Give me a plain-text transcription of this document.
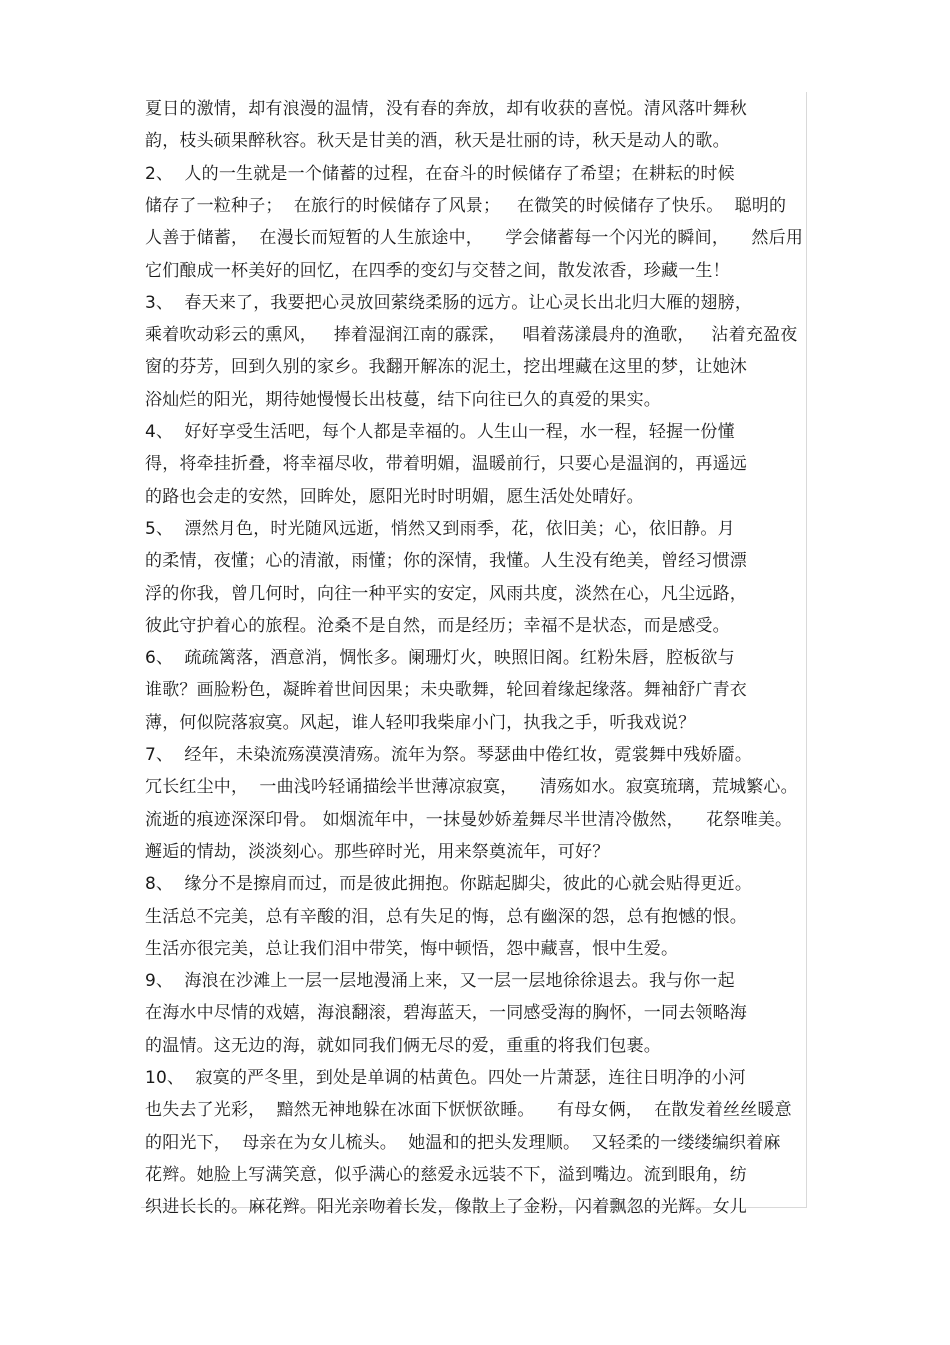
夏日的激情，却有浪漫的温情，没有春的奔放，却有收获的喜悦。清风落叶舞秋
韵，枝头硕果醉秋容。秋天是甘美的酒，秋天是壮丽的诗，秋天是动人的歌。
2、  人的一生就是一个储蓄的过程，在奋斗的时候储存了希望；在耕耘的时候
储存了一粒种子；  在旅行的时候储存了风景；   在微笑的时候储存了快乐。  聪明的
人善于储蓄，  在漫长而短暂的人生旅途中，    学会储蓄每一个闪光的瞬间，    然后用
它们酿成一杯美好的回忆，在四季的变幻与交替之间，散发浓香，珍藏一生！
3、  春天来了，我要把心灵放回萦绕柔肠的远方。让心灵长出北归大雁的翅膀，
乘着吹动彩云的熏风，   捧着湿润江南的霡霂，   唱着荡漾晨舟的渔歌，   沾着充盈夜
窗的芬芳，回到久别的家乡。我翻开解冻的泥土，挖出埋藏在这里的梦，让她沐
浴灿烂的阳光，期待她慢慢长出枝蔓，结下向往已久的真爱的果实。
4、  好好享受生活吧，每个人都是幸福的。人生山一程，水一程，轻握一份懂
得，将牵挂折叠，将幸福尽收，带着明媚，温暖前行，只要心是温润的，再遥远
的路也会走的安然，回眸处，愿阳光时时明媚，愿生活处处晴好。
5、  漂然月色，时光随风远逝，悄然又到雨季，花，依旧美；心，依旧静。月
的柔情，夜懂；心的清澈，雨懂；你的深情，我懂。人生没有绝美，曾经习惯漂
浮的你我，曾几何时，向往一种平实的安定，风雨共度，淡然在心，凡尘远路，
彼此守护着心的旅程。沧桑不是自然，而是经历；幸福不是状态，而是感受。
6、  疏疏篱落，酒意消，惆怅多。阑珊灯火，映照旧阁。红粉朱唇，腔板欲与
谁歌？画脸粉色，凝眸着世间因果；未央歌舞，轮回着缘起缘落。舞袖舒广青衣
薄，何似院落寂寞。风起，谁人轻叩我柴扉小门，执我之手，听我戏说？
7、  经年，未染流殇漠漠清殇。流年为祭。琴瑟曲中倦红妆，霓裳舞中残娇靥。
冗长红尘中，  一曲浅吟轻诵描绘半世薄凉寂寞，    清殇如水。寂寞琉璃，荒城繁心。
流逝的痕迹深深印骨。 如烟流年中，一抹曼妙娇羞舞尽半世清冷傲然，    花祭唯美。
邂逅的情劫，淡淡刻心。那些碎时光，用来祭奠流年，可好？
8、  缘分不是擦肩而过，而是彼此拥抱。你踮起脚尖，彼此的心就会贴得更近。
生活总不完美，总有辛酸的泪，总有失足的悔，总有幽深的怨，总有抱憾的恨。
生活亦很完美，总让我们泪中带笑，悔中顿悟，怨中藏喜，恨中生爱。
9、  海浪在沙滩上一层一层地漫涌上来，又一层一层地徐徐退去。我与你一起
在海水中尽情的戏嬉，海浪翻滚，碧海蓝天，一同感受海的胸怀，一同去领略海
的温情。这无边的海，就如同我们俩无尽的爱，重重的将我们包裹。
10、  寂寞的严冬里，到处是单调的枯黄色。四处一片萧瑟，连往日明净的小河
也失去了光彩，  黯然无神地躲在冰面下恹恹欲睡。    有母女俩，  在散发着丝丝暖意
的阳光下，  母亲在为女儿梳头。  她温和的把头发理顺。  又轻柔的一缕缕编织着麻
花辫。她脸上写满笑意，似乎满心的慈爱永远装不下，溢到嘴边。流到眼角，纺
织进长长的。麻花辫。阳光亲吻着长发，像散上了金粉，闪着飘忽的光辉。女儿
